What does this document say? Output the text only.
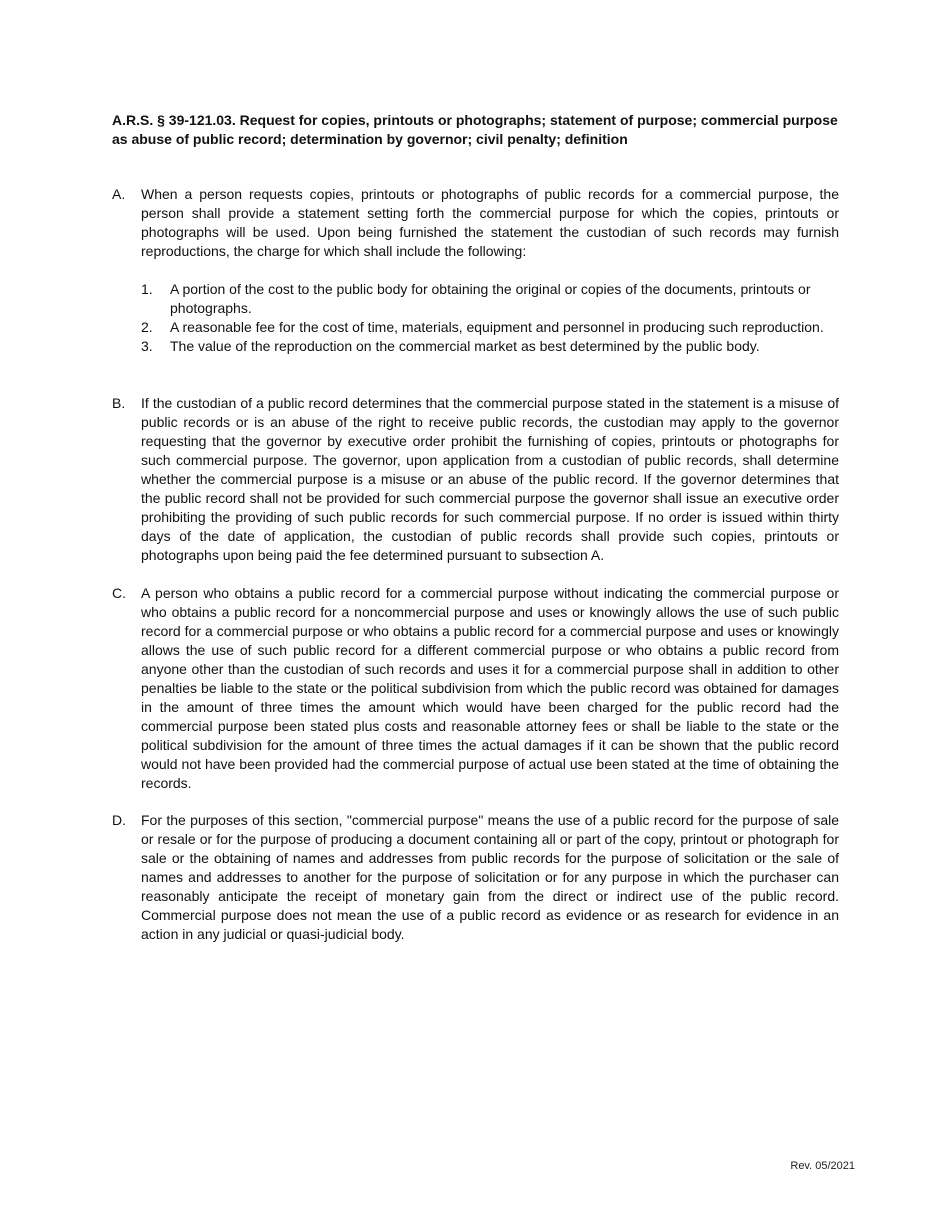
A.R.S. § 39-121.03. Request for copies, printouts or photographs; statement of purpose; commercial purpose as abuse of public record; determination by governor; civil penalty; definition
A.	When a person requests copies, printouts or photographs of public records for a commercial purpose, the person shall provide a statement setting forth the commercial purpose for which the copies, printouts or photographs will be used. Upon being furnished the statement the custodian of such records may furnish reproductions, the charge for which shall include the following:
1. A portion of the cost to the public body for obtaining the original or copies of the documents, printouts or photographs.
2. A reasonable fee for the cost of time, materials, equipment and personnel in producing such reproduction.
3. The value of the reproduction on the commercial market as best determined by the public body.
B.	If the custodian of a public record determines that the commercial purpose stated in the statement is a misuse of public records or is an abuse of the right to receive public records, the custodian may apply to the governor requesting that the governor by executive order prohibit the furnishing of copies, printouts or photographs for such commercial purpose. The governor, upon application from a custodian of public records, shall determine whether the commercial purpose is a misuse or an abuse of the public record. If the governor determines that the public record shall not be provided for such commercial purpose the governor shall issue an executive order prohibiting the providing of such public records for such commercial purpose. If no order is issued within thirty days of the date of application, the custodian of public records shall provide such copies, printouts or photographs upon being paid the fee determined pursuant to subsection A.
C.	A person who obtains a public record for a commercial purpose without indicating the commercial purpose or who obtains a public record for a noncommercial purpose and uses or knowingly allows the use of such public record for a commercial purpose or who obtains a public record for a commercial purpose and uses or knowingly allows the use of such public record for a different commercial purpose or who obtains a public record from anyone other than the custodian of such records and uses it for a commercial purpose shall in addition to other penalties be liable to the state or the political subdivision from which the public record was obtained for damages in the amount of three times the amount which would have been charged for the public record had the commercial purpose been stated plus costs and reasonable attorney fees or shall be liable to the state or the political subdivision for the amount of three times the actual damages if it can be shown that the public record would not have been provided had the commercial purpose of actual use been stated at the time of obtaining the records.
D.	For the purposes of this section, "commercial purpose" means the use of a public record for the purpose of sale or resale or for the purpose of producing a document containing all or part of the copy, printout or photograph for sale or the obtaining of names and addresses from public records for the purpose of solicitation or the sale of names and addresses to another for the purpose of solicitation or for any purpose in which the purchaser can reasonably anticipate the receipt of monetary gain from the direct or indirect use of the public record. Commercial purpose does not mean the use of a public record as evidence or as research for evidence in an action in any judicial or quasi-judicial body.
Rev. 05/2021
